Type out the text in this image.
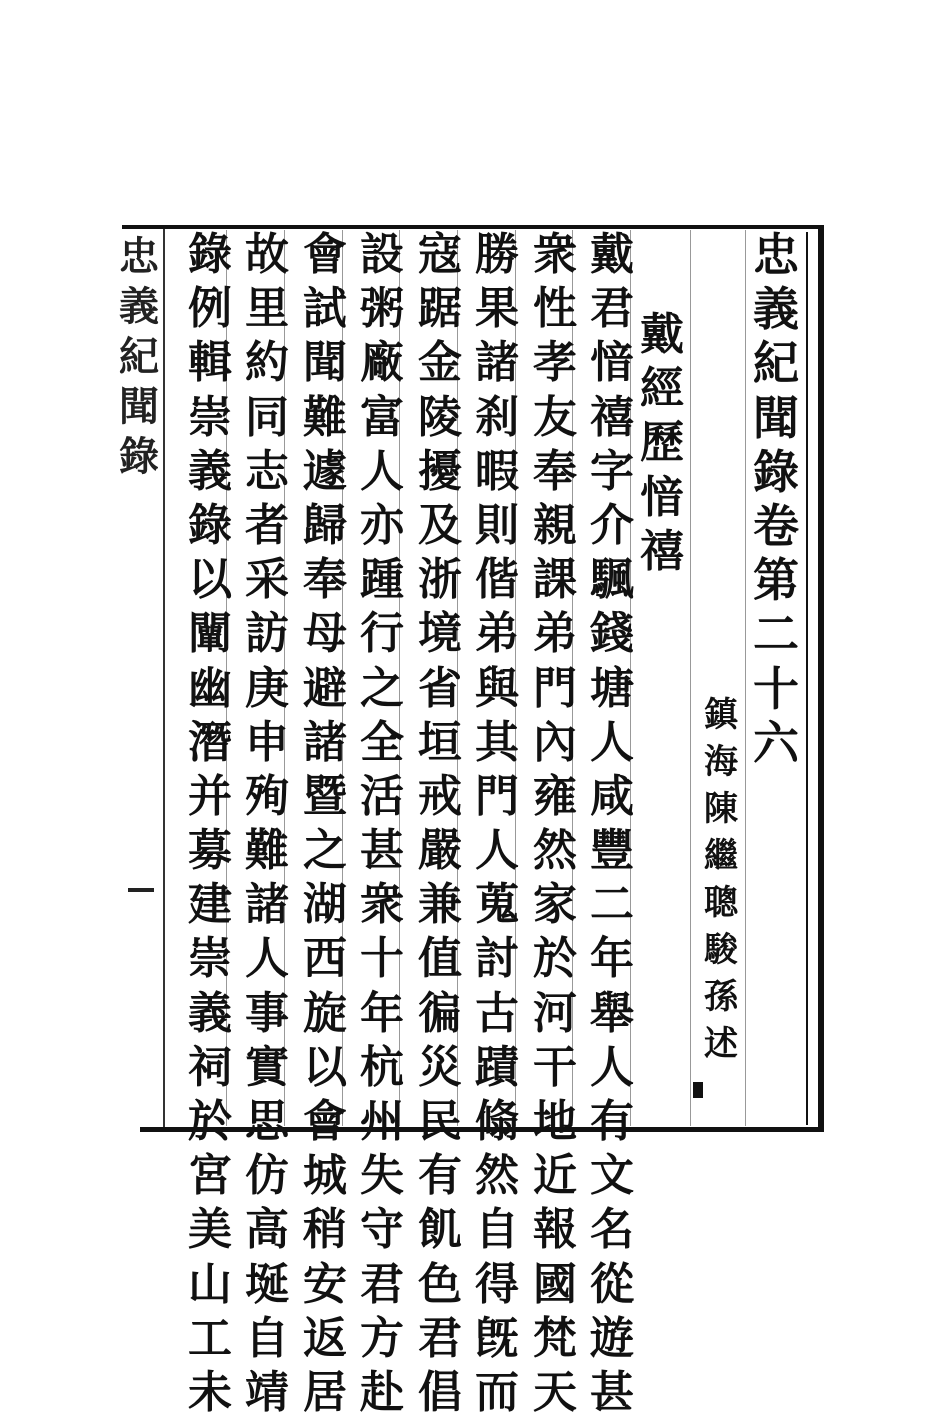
忠
義
紀
聞
錄
卷
第
二
十
六
鎮
海
陳
繼
聰
駿
孫
述
戴
經
歷
愔
禧
戴
君
愔
禧
字
介
颿
錢
塘
人
咸
豐
二
年
舉
人
有
文
名
從
遊
甚
衆
性
孝
友
奉
親
課
弟
門
內
雍
然
家
於
河
干
地
近
報
國
梵
天
勝
果
諸
刹
暇
則
偕
弟
與
其
門
人
蒐
討
古
蹟
翛
然
自
得
旣
而
寇
踞
金
陵
擾
及
浙
境
省
垣
戒
嚴
兼
值
徧
災
民
有
飢
色
君
倡
設
粥
廠
富
人
亦
踵
行
之
全
活
甚
衆
十
年
杭
州
失
守
君
方
赴
會
試
聞
難
遽
歸
奉
母
避
諸
暨
之
湖
西
旋
以
會
城
稍
安
返
居
故
里
約
同
志
者
采
訪
庚
申
殉
難
諸
人
事
實
思
仿
高
埏
自
靖
錄
例
輯
崇
義
錄
以
闡
幽
潛
并
募
建
崇
義
祠
於
宮
美
山
工
未
忠
義
紀
聞
錄
